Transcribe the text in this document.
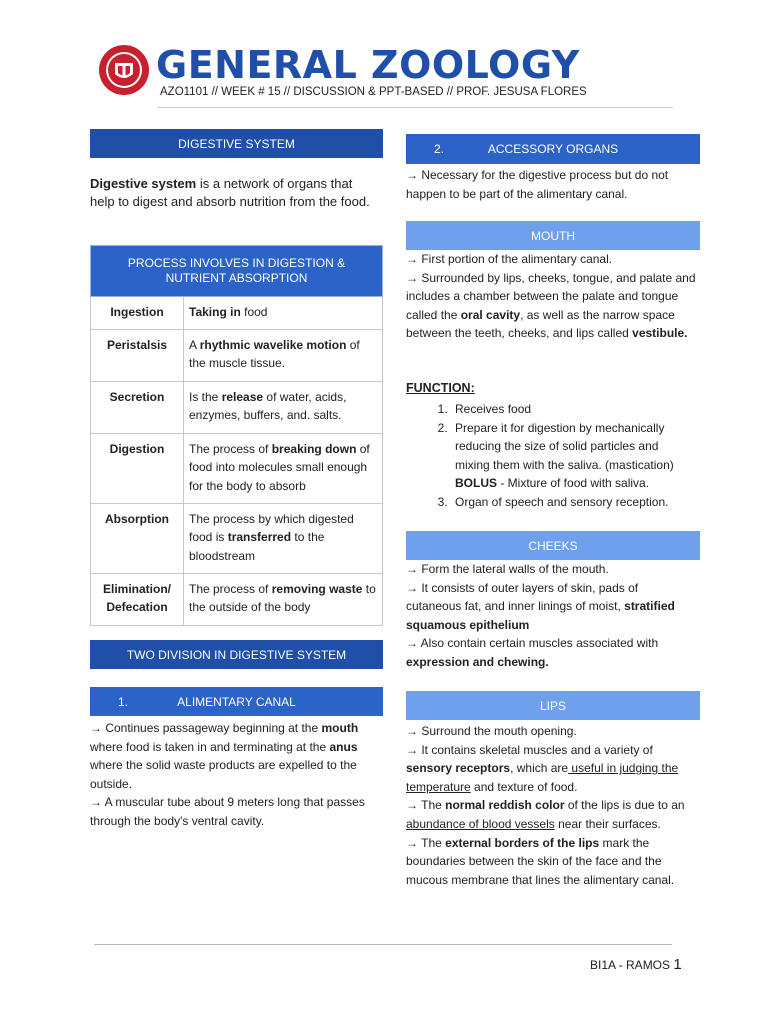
GENERAL ZOOLOGY
AZO1101 // WEEK # 15 // DISCUSSION & PPT-BASED // PROF. JESUSA FLORES
DIGESTIVE SYSTEM
Digestive system is a network of organs that help to digest and absorb nutrition from the food.
PROCESS INVOLVES IN DIGESTION & NUTRIENT ABSORPTION	
Ingestion	Taking in food
Peristalsis	A rhythmic wavelike motion of the muscle tissue.
Secretion	Is the release of water, acids, enzymes, buffers, and. salts.
Digestion	The process of breaking down of food into molecules small enough for the body to absorb
Absorption	The process by which digested food is transferred to the bloodstream
Elimination/ Defecation	The process of removing waste to the outside of the body
TWO DIVISION IN DIGESTIVE SYSTEM
1.	ALIMENTARY CANAL
→ Continues passageway beginning at the mouth where food is taken in and terminating at the anus where the solid waste products are expelled to the outside.
→ A muscular tube about 9 meters long that passes through the body's ventral cavity.
2.	ACCESSORY ORGANS
→ Necessary for the digestive process but do not happen to be part of the alimentary canal.
MOUTH
→ First portion of the alimentary canal.
→ Surrounded by lips, cheeks, tongue, and palate and includes a chamber between the palate and tongue called the oral cavity, as well as the narrow space between the teeth, cheeks, and lips called vestibule.
FUNCTION:
1. Receives food
2. Prepare it for digestion by mechanically reducing the size of solid particles and mixing them with the saliva. (mastication) BOLUS - Mixture of food with saliva.
3. Organ of speech and sensory reception.
CHEEKS
→ Form the lateral walls of the mouth.
→ It consists of outer layers of skin, pads of cutaneous fat, and inner linings of moist, stratified squamous epithelium
→ Also contain certain muscles associated with expression and chewing.
LIPS
→ Surround the mouth opening.
→ It contains skeletal muscles and a variety of sensory receptors, which are useful in judging the temperature and texture of food.
→ The normal reddish color of the lips is due to an abundance of blood vessels near their surfaces.
→ The external borders of the lips mark the boundaries between the skin of the face and the mucous membrane that lines the alimentary canal.
BI1A - RAMOS 1
